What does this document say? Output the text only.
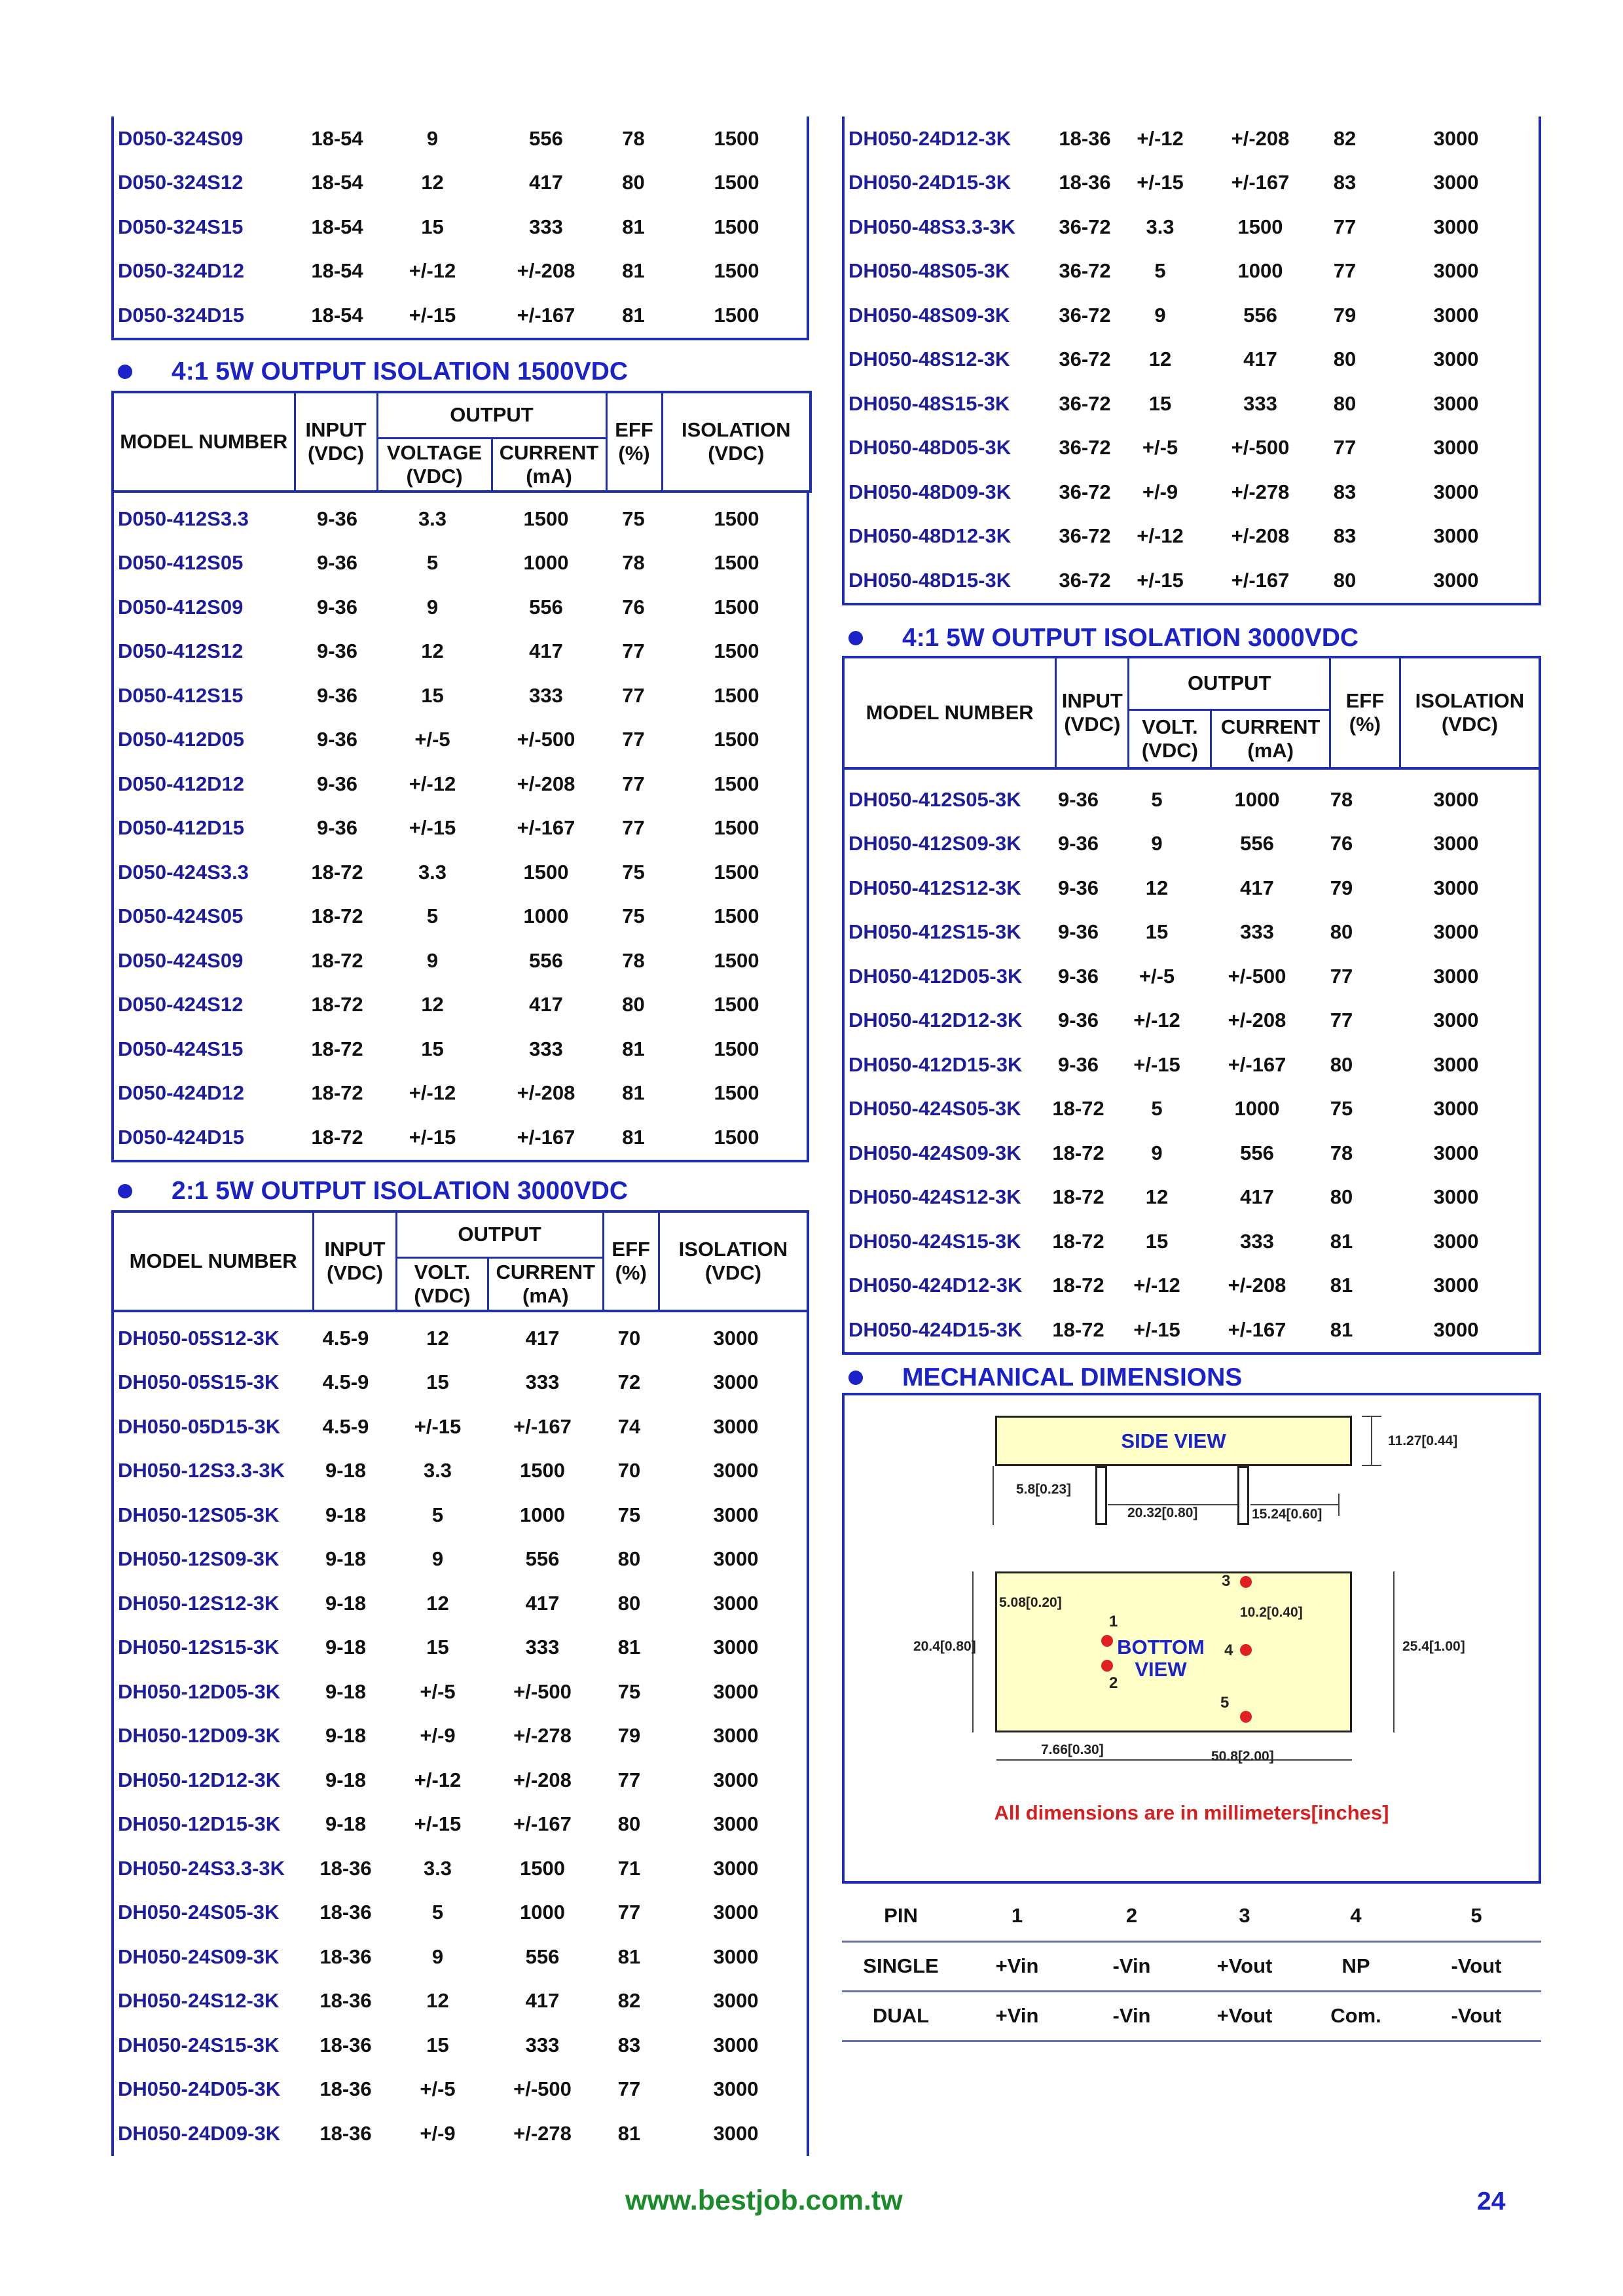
D050-324S09	18-54	9	556	78	1500
D050-324S12	18-54	12	417	80	1500
D050-324S15	18-54	15	333	81	1500
D050-324D12	18-54	+/-12	+/-208	81	1500
D050-324D15	18-54	+/-15	+/-167	81	1500
4:1 5W OUTPUT ISOLATION 1500VDC
MODEL NUMBER	INPUT (VDC)	OUTPUT		EFF (%)	ISOLATION (VDC)
		VOLTAGE (VDC)	CURRENT (mA)		
D050-412S3.3	9-36	3.3	1500	75	1500
D050-412S05	9-36	5	1000	78	1500
D050-412S09	9-36	9	556	76	1500
D050-412S12	9-36	12	417	77	1500
D050-412S15	9-36	15	333	77	1500
D050-412D05	9-36	+/-5	+/-500	77	1500
D050-412D12	9-36	+/-12	+/-208	77	1500
D050-412D15	9-36	+/-15	+/-167	77	1500
D050-424S3.3	18-72	3.3	1500	75	1500
D050-424S05	18-72	5	1000	75	1500
D050-424S09	18-72	9	556	78	1500
D050-424S12	18-72	12	417	80	1500
D050-424S15	18-72	15	333	81	1500
D050-424D12	18-72	+/-12	+/-208	81	1500
D050-424D15	18-72	+/-15	+/-167	81	1500
2:1 5W OUTPUT ISOLATION 3000VDC
MODEL NUMBER	INPUT (VDC)	OUTPUT		EFF (%)	ISOLATION (VDC)
		VOLT. (VDC)	CURRENT (mA)		
DH050-05S12-3K	4.5-9	12	417	70	3000
DH050-05S15-3K	4.5-9	15	333	72	3000
DH050-05D15-3K	4.5-9	+/-15	+/-167	74	3000
DH050-12S3.3-3K	9-18	3.3	1500	70	3000
DH050-12S05-3K	9-18	5	1000	75	3000
DH050-12S09-3K	9-18	9	556	80	3000
DH050-12S12-3K	9-18	12	417	80	3000
DH050-12S15-3K	9-18	15	333	81	3000
DH050-12D05-3K	9-18	+/-5	+/-500	75	3000
DH050-12D09-3K	9-18	+/-9	+/-278	79	3000
DH050-12D12-3K	9-18	+/-12	+/-208	77	3000
DH050-12D15-3K	9-18	+/-15	+/-167	80	3000
DH050-24S3.3-3K	18-36	3.3	1500	71	3000
DH050-24S05-3K	18-36	5	1000	77	3000
DH050-24S09-3K	18-36	9	556	81	3000
DH050-24S12-3K	18-36	12	417	82	3000
DH050-24S15-3K	18-36	15	333	83	3000
DH050-24D05-3K	18-36	+/-5	+/-500	77	3000
DH050-24D09-3K	18-36	+/-9	+/-278	81	3000
DH050-24D12-3K	18-36	+/-12	+/-208	82	3000
DH050-24D15-3K	18-36	+/-15	+/-167	83	3000
DH050-48S3.3-3K	36-72	3.3	1500	77	3000
DH050-48S05-3K	36-72	5	1000	77	3000
DH050-48S09-3K	36-72	9	556	79	3000
DH050-48S12-3K	36-72	12	417	80	3000
DH050-48S15-3K	36-72	15	333	80	3000
DH050-48D05-3K	36-72	+/-5	+/-500	77	3000
DH050-48D09-3K	36-72	+/-9	+/-278	83	3000
DH050-48D12-3K	36-72	+/-12	+/-208	83	3000
DH050-48D15-3K	36-72	+/-15	+/-167	80	3000
4:1 5W OUTPUT ISOLATION 3000VDC
MODEL NUMBER	INPUT (VDC)	OUTPUT		EFF (%)	ISOLATION (VDC)
		VOLT. (VDC)	CURRENT (mA)		
DH050-412S05-3K	9-36	5	1000	78	3000
DH050-412S09-3K	9-36	9	556	76	3000
DH050-412S12-3K	9-36	12	417	79	3000
DH050-412S15-3K	9-36	15	333	80	3000
DH050-412D05-3K	9-36	+/-5	+/-500	77	3000
DH050-412D12-3K	9-36	+/-12	+/-208	77	3000
DH050-412D15-3K	9-36	+/-15	+/-167	80	3000
DH050-424S05-3K	18-72	5	1000	75	3000
DH050-424S09-3K	18-72	9	556	78	3000
DH050-424S12-3K	18-72	12	417	80	3000
DH050-424S15-3K	18-72	15	333	81	3000
DH050-424D12-3K	18-72	+/-12	+/-208	81	3000
DH050-424D15-3K	18-72	+/-15	+/-167	81	3000
MECHANICAL DIMENSIONS
SIDE VIEW	11.27[0.44]
5.8[0.23]
20.32[0.80]	15.24[0.60]
BOTTOM VIEW
1
2
3
4
5
5.08[0.20]
10.2[0.40]
20.4[0.80]	25.4[1.00]
7.66[0.30]	50.8[2.00]
All dimensions are in millimeters[inches]
PIN	1	2	3	4	5
SINGLE	+Vin	-Vin	+Vout	NP	-Vout
DUAL	+Vin	-Vin	+Vout	Com.	-Vout
www.bestjob.com.tw	24
